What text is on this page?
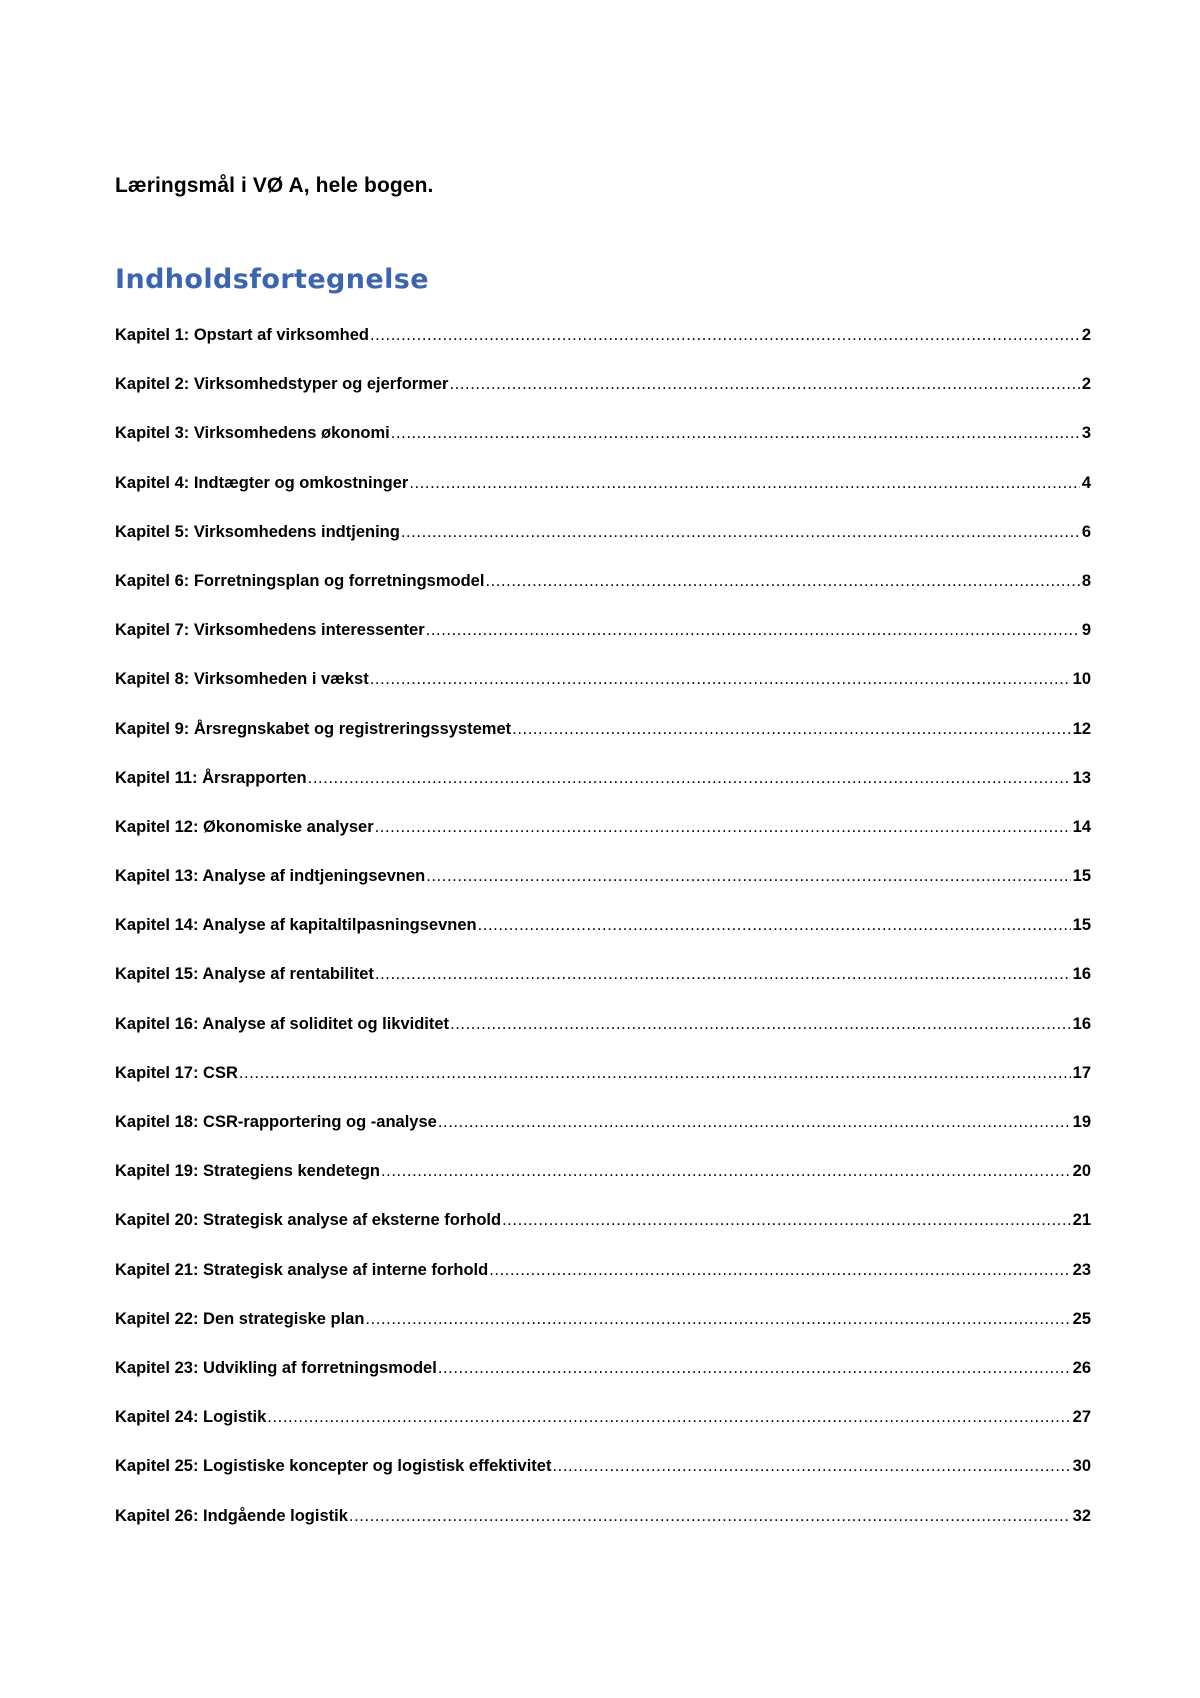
Læringsmål i VØ A, hele bogen.
Indholdsfortegnelse
Kapitel 1: Opstart af virksomhed .....	2
Kapitel 2: Virksomhedstyper og ejerformer .....	2
Kapitel 3: Virksomhedens økonomi .....	3
Kapitel 4: Indtægter og omkostninger .....	4
Kapitel 5: Virksomhedens indtjening .....	6
Kapitel 6: Forretningsplan og forretningsmodel .....	8
Kapitel 7: Virksomhedens interessenter .....	9
Kapitel 8: Virksomheden i vækst .....	10
Kapitel 9: Årsregnskabet og registreringssystemet .....	12
Kapitel 11: Årsrapporten .....	13
Kapitel 12: Økonomiske analyser .....	14
Kapitel 13: Analyse af indtjeningsevnen .....	15
Kapitel 14: Analyse af kapitaltilpasningsevnen .....	15
Kapitel 15: Analyse af rentabilitet .....	16
Kapitel 16: Analyse af soliditet og likviditet .....	16
Kapitel 17: CSR .....	17
Kapitel 18: CSR-rapportering og -analyse .....	19
Kapitel 19: Strategiens kendetegn .....	20
Kapitel 20: Strategisk analyse af eksterne forhold .....	21
Kapitel 21: Strategisk analyse af interne forhold .....	23
Kapitel 22: Den strategiske plan .....	25
Kapitel 23: Udvikling af forretningsmodel .....	26
Kapitel 24: Logistik .....	27
Kapitel 25: Logistiske koncepter og logistisk effektivitet .....	30
Kapitel 26: Indgående logistik .....	32
